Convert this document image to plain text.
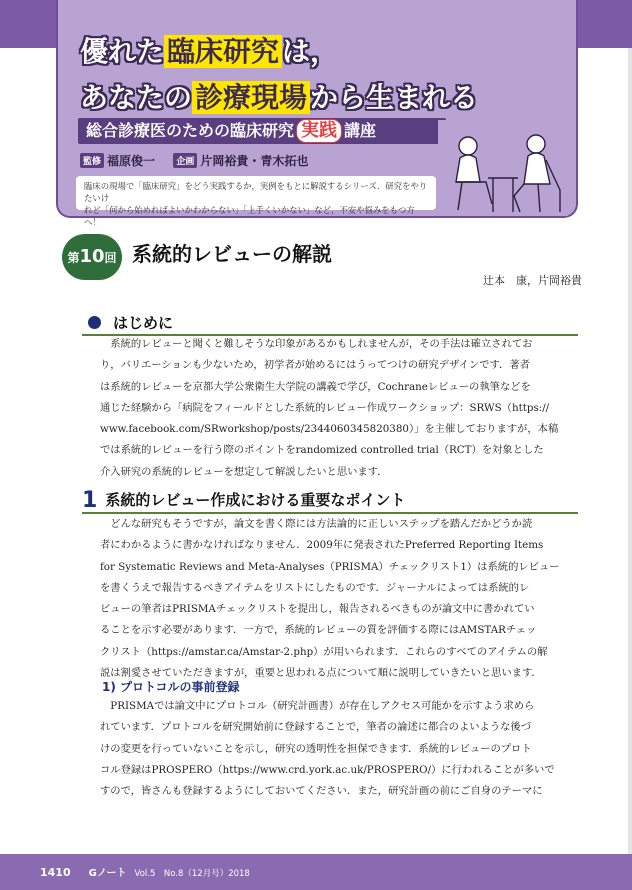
優れた 臨床研究 は，
あなたの 診療現場 から生まれる
総合診療医のための臨床研究 実践 講座
監修 福原俊一 企画 片岡裕貴・青木拓也
臨床の現場で「臨床研究」をどう実践するか，実例をもとに解説するシリーズ．研究をやりたいけ
れど「何から始めればよいかわからない」「上手くいかない」など，不安や悩みをもつ方へ！
第10回 系統的レビューの解説
辻本　康，片岡裕貴
はじめに
　系統的レビューと聞くと難しそうな印象があるかもしれませんが，その手法は確立されてお
り，バリエーションも少ないため，初学者が始めるにはうってつけの研究デザインです．著者
は系統的レビューを京都大学公衆衛生大学院の講義で学び，Cochraneレビューの執筆などを
通じた経験から「病院をフィールドとした系統的レビュー作成ワークショップ：SRWS（https://
www.facebook.com/SRworkshop/posts/2344060345820380）」を主催しておりますが，本稿
では系統的レビューを行う際のポイントをrandomized controlled trial（RCT）を対象とした
介入研究の系統的レビューを想定して解説したいと思います．
1 系統的レビュー作成における重要なポイント
　どんな研究もそうですが，論文を書く際には方法論的に正しいステップを踏んだかどうか読
者にわかるように書かなければなりません．2009年に発表されたPreferred Reporting Items
for Systematic Reviews and Meta-Analyses（PRISMA）チェックリスト1）は系統的レビュー
を書くうえで報告するべきアイテムをリストにしたものです．ジャーナルによっては系統的レ
ビューの筆者はPRISMAチェックリストを提出し，報告されるべきものが論文中に書かれてい
ることを示す必要があります．一方で，系統的レビューの質を評価する際にはAMSTARチェッ
クリスト（https://amstar.ca/Amstar-2.php）が用いられます．これらのすべてのアイテムの解
説は割愛させていただきますが，重要と思われる点について順に説明していきたいと思います．
1) プロトコルの事前登録
　PRISMAでは論文中にプロトコル（研究計画書）が存在しアクセス可能かを示すよう求めら
れています．プロトコルを研究開始前に登録することで，筆者の論述に都合のよいような後づ
けの変更を行っていないことを示し，研究の透明性を担保できます．系統的レビューのプロト
コル登録はPROSPERO（https://www.crd.york.ac.uk/PROSPERO/）に行われることが多いで
すので，皆さんも登録するようにしておいてください．また，研究計画の前にご自身のテーマに
1410 Gノート Vol.5　No.8（12月号）2018
